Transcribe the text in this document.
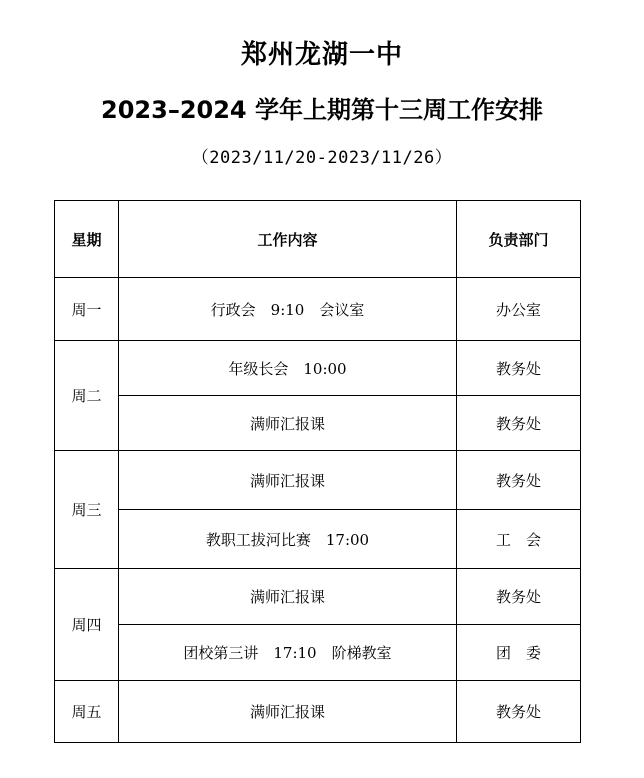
郑州龙湖一中
2023–2024 学年上期第十三周工作安排
（2023/11/20-2023/11/26）
星期	工作内容	负责部门
周一	行政会　9:10　会议室	办公室
周二	年级长会　10:00	教务处
	满师汇报课	教务处
周三	满师汇报课	教务处
	教职工拔河比赛　17:00	工　会
周四	满师汇报课	教务处
	团校第三讲　17:10　阶梯教室	团　委
周五	满师汇报课	教务处
